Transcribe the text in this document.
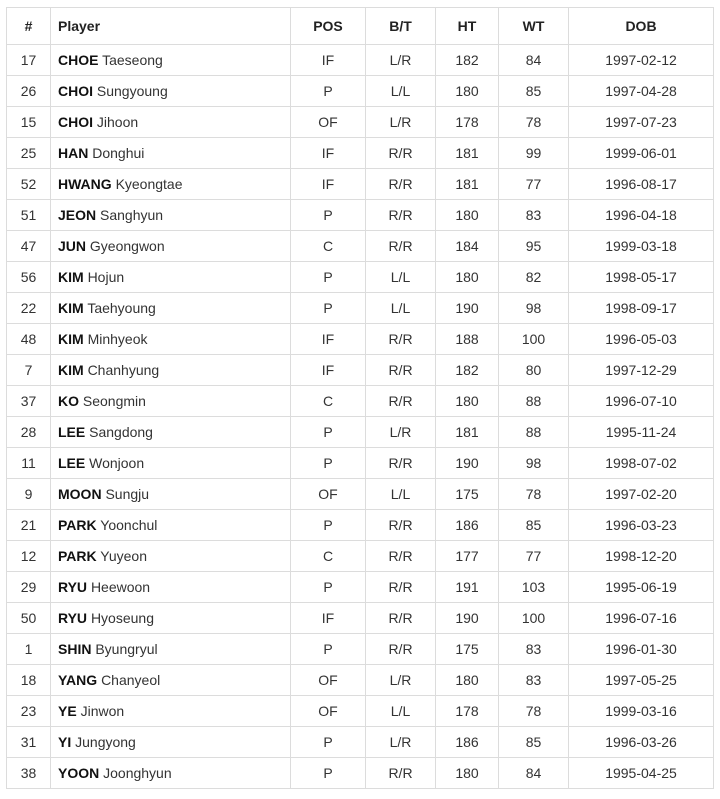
#	Player	POS	B/T	HT	WT	DOB
17	CHOE Taeseong	IF	L/R	182	84	1997-02-12
26	CHOI Sungyoung	P	L/L	180	85	1997-04-28
15	CHOI Jihoon	OF	L/R	178	78	1997-07-23
25	HAN Donghui	IF	R/R	181	99	1999-06-01
52	HWANG Kyeongtae	IF	R/R	181	77	1996-08-17
51	JEON Sanghyun	P	R/R	180	83	1996-04-18
47	JUN Gyeongwon	C	R/R	184	95	1999-03-18
56	KIM Hojun	P	L/L	180	82	1998-05-17
22	KIM Taehyoung	P	L/L	190	98	1998-09-17
48	KIM Minhyeok	IF	R/R	188	100	1996-05-03
7	KIM Chanhyung	IF	R/R	182	80	1997-12-29
37	KO Seongmin	C	R/R	180	88	1996-07-10
28	LEE Sangdong	P	L/R	181	88	1995-11-24
11	LEE Wonjoon	P	R/R	190	98	1998-07-02
9	MOON Sungju	OF	L/L	175	78	1997-02-20
21	PARK Yoonchul	P	R/R	186	85	1996-03-23
12	PARK Yuyeon	C	R/R	177	77	1998-12-20
29	RYU Heewoon	P	R/R	191	103	1995-06-19
50	RYU Hyoseung	IF	R/R	190	100	1996-07-16
1	SHIN Byungryul	P	R/R	175	83	1996-01-30
18	YANG Chanyeol	OF	L/R	180	83	1997-05-25
23	YE Jinwon	OF	L/L	178	78	1999-03-16
31	YI Jungyong	P	L/R	186	85	1996-03-26
38	YOON Joonghyun	P	R/R	180	84	1995-04-25
